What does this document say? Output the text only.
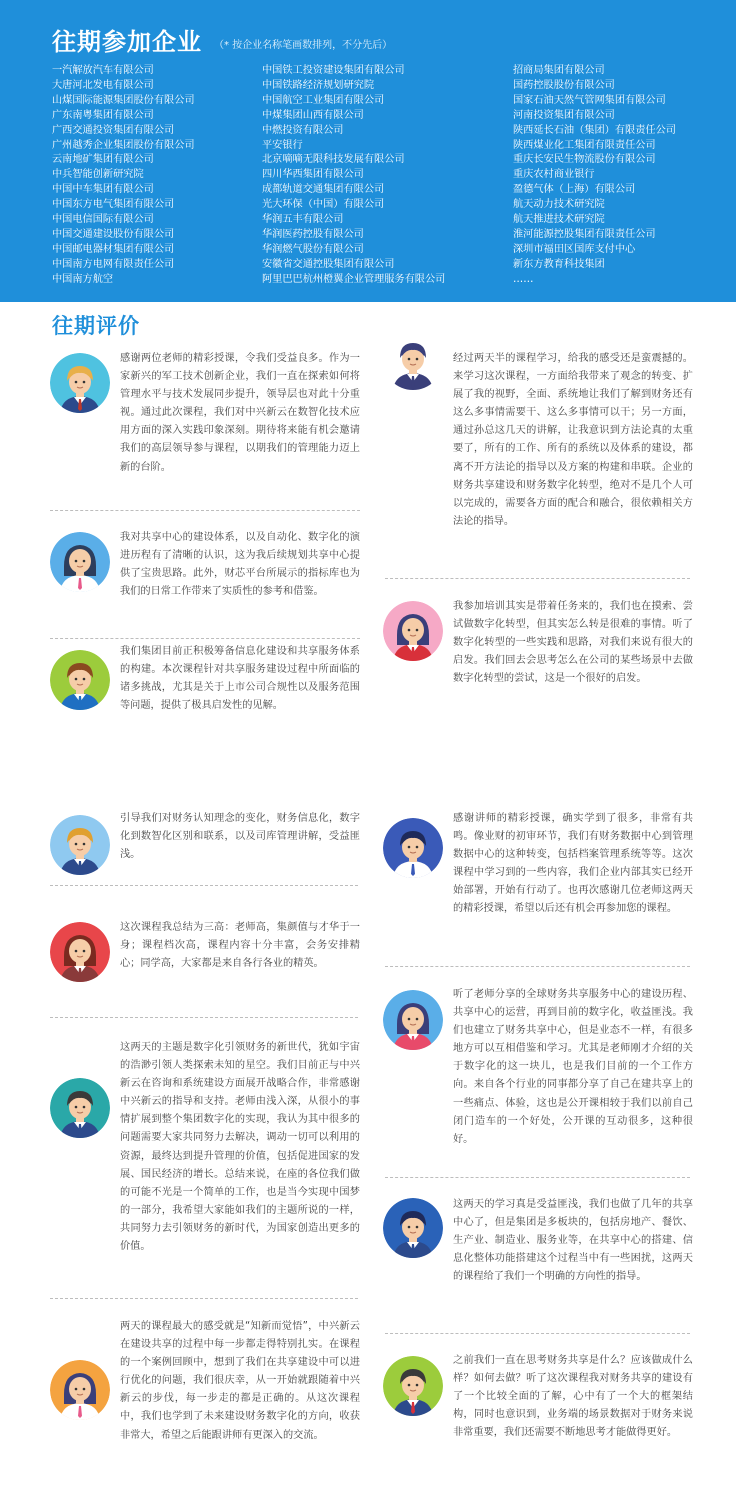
往期参加企业 （* 按企业名称笔画数排列，不分先后）
一汽解放汽车有限公司
大唐河北发电有限公司
山煤国际能源集团股份有限公司
广东南粤集团有限公司
广西交通投资集团有限公司
广州越秀企业集团股份有限公司
云南地矿集团有限公司
中兵智能创新研究院
中国中车集团有限公司
中国东方电气集团有限公司
中国电信国际有限公司
中国交通建设股份有限公司
中国邮电器材集团有限公司
中国南方电网有限责任公司
中国南方航空
中国铁工投资建设集团有限公司
中国铁路经济规划研究院
中国航空工业集团有限公司
中煤集团山西有限公司
中燃投资有限公司
平安银行
北京嘀嘀无限科技发展有限公司
四川华西集团有限公司
成都轨道交通集团有限公司
光大环保（中国）有限公司
华润五丰有限公司
华润医药控股有限公司
华润燃气股份有限公司
安徽省交通控股集团有限公司
阿里巴巴杭州橙翼企业管理服务有限公司
招商局集团有限公司
国药控股股份有限公司
国家石油天然气管网集团有限公司
河南投资集团有限公司
陕西延长石油（集团）有限责任公司
陕西煤业化工集团有限责任公司
重庆长安民生物流股份有限公司
重庆农村商业银行
盈德气体（上海）有限公司
航天动力技术研究院
航天推进技术研究院
淮河能源控股集团有限责任公司
深圳市福田区国库支付中心
新东方教育科技集团
……
往期评价
感谢两位老师的精彩授课，令我们受益良多。作为一家新兴的军工技术创新企业，我们一直在探索如何将管理水平与技术发展同步提升，领导层也对此十分重视。通过此次课程，我们对中兴新云在数智化技术应用方面的深入实践印象深刻。期待将来能有机会邀请我们的高层领导参与课程，以期我们的管理能力迈上新的台阶。
我对共享中心的建设体系，以及自动化、数字化的演进历程有了清晰的认识，这为我后续规划共享中心提供了宝贵思路。此外，财芯平台所展示的指标库也为我们的日常工作带来了实质性的参考和借鉴。
我们集团目前正积极筹备信息化建设和共享服务体系的构建。本次课程针对共享服务建设过程中所面临的诸多挑战，尤其是关于上市公司合规性以及服务范围等问题，提供了极具启发性的见解。
经过两天半的课程学习，给我的感受还是蛮震撼的。来学习这次课程，一方面给我带来了观念的转变、扩展了我的视野，全面、系统地让我们了解到财务还有这么多事情需要干、这么多事情可以干；另一方面，通过孙总这几天的讲解，让我意识到方法论真的太重要了，所有的工作、所有的系统以及体系的建设，都离不开方法论的指导以及方案的构建和串联。企业的财务共享建设和财务数字化转型，绝对不是几个人可以完成的，需要各方面的配合和融合，很依赖相关方法论的指导。
我参加培训其实是带着任务来的，我们也在摸索、尝试做数字化转型，但其实怎么转是很难的事情。听了数字化转型的一些实践和思路，对我们来说有很大的启发。我们回去会思考怎么在公司的某些场景中去做数字化转型的尝试，这是一个很好的启发。
引导我们对财务认知理念的变化，财务信息化，数字化到数智化区别和联系，以及司库管理讲解，受益匪浅。
这次课程我总结为三高：老师高，集颜值与才华于一身；课程档次高，课程内容十分丰富，会务安排精心；同学高，大家都是来自各行各业的精英。
这两天的主题是数字化引领财务的新世代，犹如宇宙的浩渺引领人类探索未知的星空。我们目前正与中兴新云在咨询和系统建设方面展开战略合作，非常感谢中兴新云的指导和支持。老师由浅入深，从很小的事情扩展到整个集团数字化的实现，我认为其中很多的问题需要大家共同努力去解决，调动一切可以利用的资源，最终达到提升管理的价值，包括促进国家的发展、国民经济的增长。总结来说，在座的各位我们做的可能不光是一个简单的工作，也是当今实现中国梦的一部分，我希望大家能如我们的主题所说的一样，共同努力去引领财务的新时代，为国家创造出更多的价值。
两天的课程最大的感受就是“知新而觉悟”，中兴新云在建设共享的过程中每一步都走得特别扎实。在课程的一个案例回顾中，想到了我们在共享建设中可以进行优化的问题，我们很庆幸，从一开始就跟随着中兴新云的步伐，每一步走的都是正确的。从这次课程中，我们也学到了未来建设财务数字化的方向，收获非常大，希望之后能跟讲师有更深入的交流。
感谢讲师的精彩授课，确实学到了很多，非常有共鸣。像业财的初审环节，我们有财务数据中心到管理数据中心的这种转变，包括档案管理系统等等。这次课程中学习到的一些内容，我们企业内部其实已经开始部署，开始有行动了。也再次感谢几位老师这两天的精彩授课，希望以后还有机会再参加您的课程。
听了老师分享的全球财务共享服务中心的建设历程、共享中心的运营，再到目前的数字化，收益匪浅。我们也建立了财务共享中心，但是业态不一样，有很多地方可以互相借鉴和学习。尤其是老师刚才介绍的关于数字化的这一块儿，也是我们目前的一个工作方向。来自各个行业的同事都分享了自己在建共享上的一些痛点、体验，这也是公开课相较于我们以前自己闭门造车的一个好处，公开课的互动很多，这种很好。
这两天的学习真是受益匪浅，我们也做了几年的共享中心了，但是集团是多板块的，包括房地产、餐饮、生产业、制造业、服务业等，在共享中心的搭建、信息化整体功能搭建这个过程当中有一些困扰，这两天的课程给了我们一个明确的方向性的指导。
之前我们一直在思考财务共享是什么？应该做成什么样？如何去做？听了这次课程我对财务共享的建设有了一个比较全面的了解，心中有了一个大的框架结构，同时也意识到，业务端的场景数据对于财务来说非常重要，我们还需要不断地思考才能做得更好。
